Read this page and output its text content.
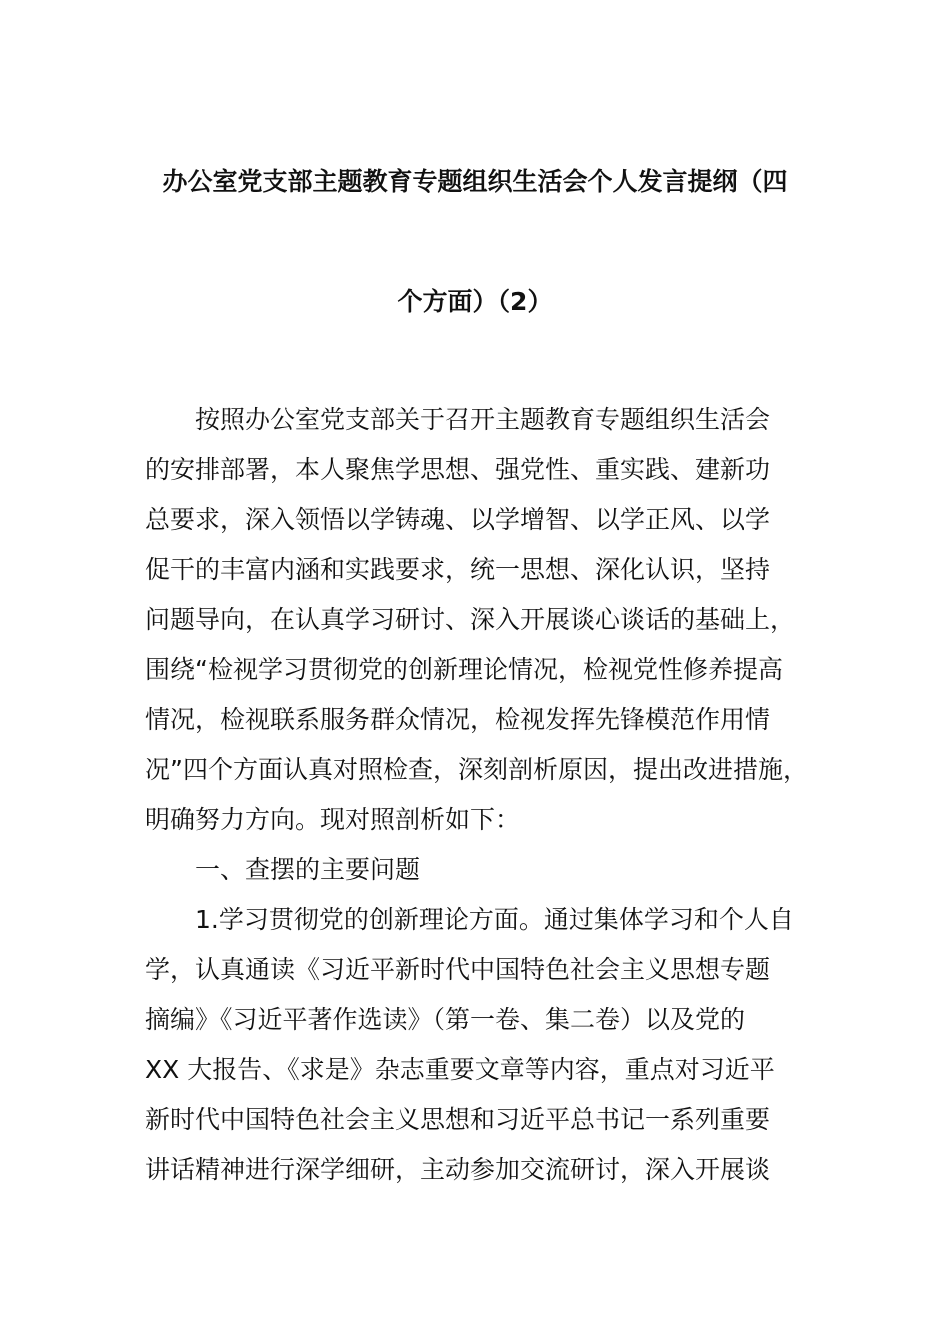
办公室党支部主题教育专题组织生活会个人发言提纲（四
个方面）（2）
按照办公室党支部关于召开主题教育专题组织生活会
的安排部署，本人聚焦学思想、强党性、重实践、建新功
总要求，深入领悟以学铸魂、以学增智、以学正风、以学
促干的丰富内涵和实践要求，统一思想、深化认识，坚持
问题导向，在认真学习研讨、深入开展谈心谈话的基础上，
围绕“检视学习贯彻党的创新理论情况，检视党性修养提高
情况，检视联系服务群众情况，检视发挥先锋模范作用情
况”四个方面认真对照检查，深刻剖析原因，提出改进措施，
明确努力方向。现对照剖析如下：
一、查摆的主要问题
1.学习贯彻党的创新理论方面。通过集体学习和个人自
学，认真通读《习近平新时代中国特色社会主义思想专题
摘编》《习近平著作选读》（第一卷、集二卷）以及党的
XX 大报告、《求是》杂志重要文章等内容，重点对习近平
新时代中国特色社会主义思想和习近平总书记一系列重要
讲话精神进行深学细研，主动参加交流研讨，深入开展谈
